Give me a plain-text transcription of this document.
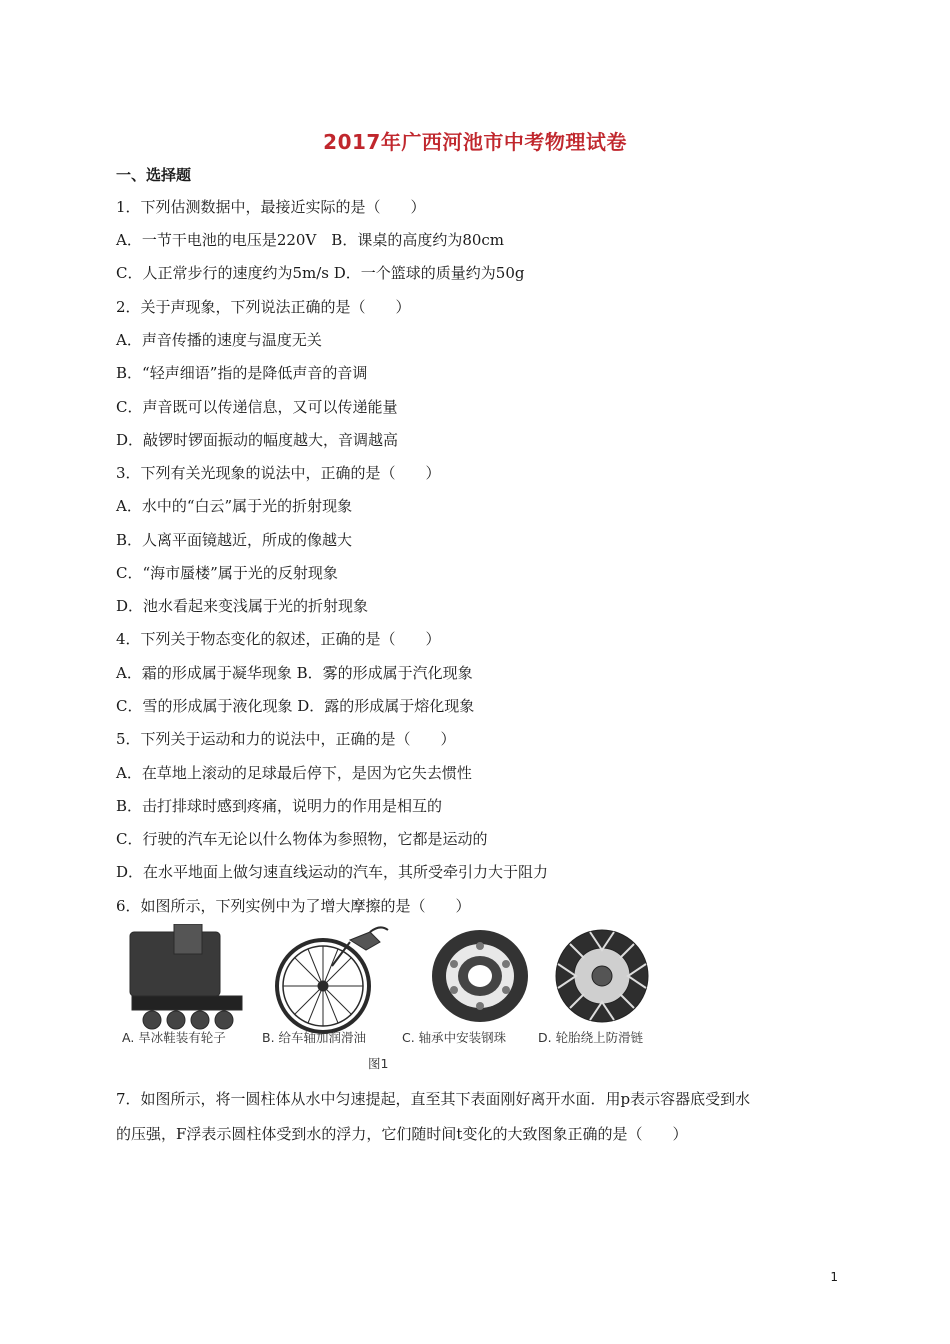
2017年广西河池市中考物理试卷
一、选择题
1．下列估测数据中，最接近实际的是（　　）
A．一节干电池的电压是220V　B．课桌的高度约为80cm
C．人正常步行的速度约为5m/s D．一个篮球的质量约为50g
2．关于声现象，下列说法正确的是（　　）
A．声音传播的速度与温度无关
B．“轻声细语”指的是降低声音的音调
C．声音既可以传递信息，又可以传递能量
D．敲锣时锣面振动的幅度越大，音调越高
3．下列有关光现象的说法中，正确的是（　　）
A．水中的“白云”属于光的折射现象
B．人离平面镜越近，所成的像越大
C．“海市蜃楼”属于光的反射现象
D．池水看起来变浅属于光的折射现象
4．下列关于物态变化的叙述，正确的是（　　）
A．霜的形成属于凝华现象 B．雾的形成属于汽化现象
C．雪的形成属于液化现象 D．露的形成属于熔化现象
5．下列关于运动和力的说法中，正确的是（　　）
A．在草地上滚动的足球最后停下，是因为它失去惯性
B．击打排球时感到疼痛，说明力的作用是相互的
C．行驶的汽车无论以什么物体为参照物，它都是运动的
D．在水平地面上做匀速直线运动的汽车，其所受牵引力大于阻力
6．如图所示，下列实例中为了增大摩擦的是（　　）
A. 旱冰鞋装有轮子	B. 给车轴加润滑油	C. 轴承中安装钢珠	D. 轮胎绕上防滑链
图1
7．如图所示，将一圆柱体从水中匀速提起，直至其下表面刚好离开水面．用p表示容器底受到水
的压强，F浮表示圆柱体受到水的浮力，它们随时间t变化的大致图象正确的是（　　）
1
